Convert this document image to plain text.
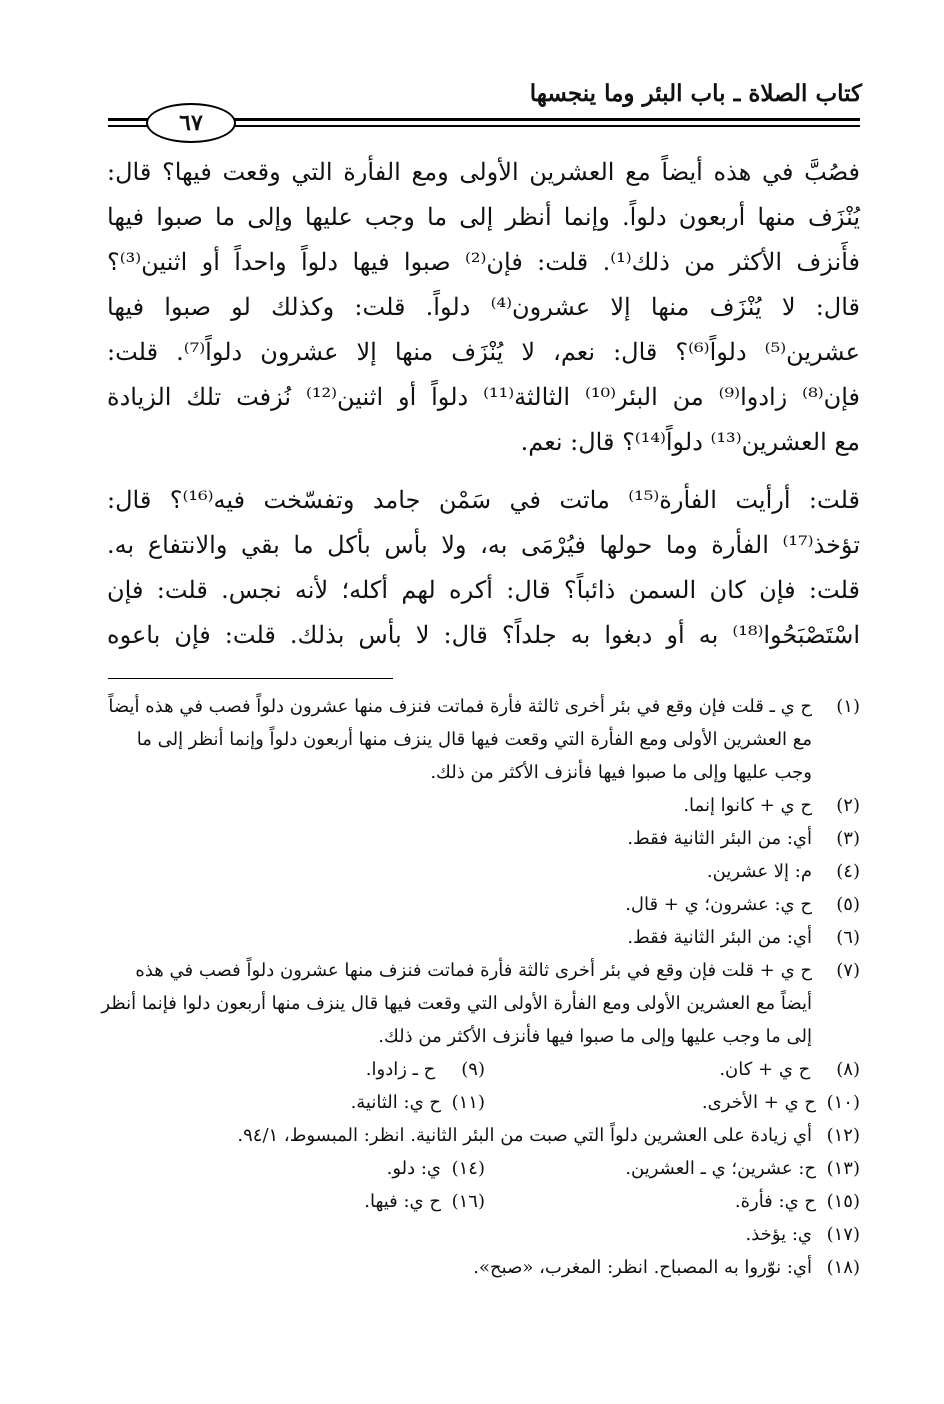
كتاب الصلاة ـ باب البئر وما ينجسها
٦٧
فصُبَّ في هذه أيضاً مع العشرين الأولى ومع الفأرة التي وقعت فيها؟ قال:
يُنْزَف منها أربعون دلواً. وإنما أنظر إلى ما وجب عليها وإلى ما صبوا فيها
فأَنزف الأكثر من ذلك⁽¹⁾. قلت: فإن⁽²⁾ صبوا فيها دلواً واحداً أو اثنين⁽³⁾؟
قال: لا يُنْزَف منها إلا عشرون⁽⁴⁾ دلواً. قلت: وكذلك لو صبوا فيها
عشرين⁽⁵⁾ دلواً⁽⁶⁾؟ قال: نعم، لا يُنْزَف منها إلا عشرون دلواً⁽⁷⁾. قلت:
فإن⁽⁸⁾ زادوا⁽⁹⁾ من البئر⁽¹⁰⁾ الثالثة⁽¹¹⁾ دلواً أو اثنين⁽¹²⁾ نُزفت تلك الزيادة
مع العشرين⁽¹³⁾ دلواً⁽¹⁴⁾؟ قال: نعم.
قلت: أرأيت الفأرة⁽¹⁵⁾ ماتت في سَمْن جامد وتفسّخت فيه⁽¹⁶⁾؟ قال:
تؤخذ⁽¹⁷⁾ الفأرة وما حولها فيُرْمَى به، ولا بأس بأكل ما بقي والانتفاع به.
قلت: فإن كان السمن ذائباً؟ قال: أكره لهم أكله؛ لأنه نجس. قلت: فإن
اسْتَصْبَحُوا⁽¹⁸⁾ به أو دبغوا به جلداً؟ قال: لا بأس بذلك. قلت: فإن باعوه
(١)
ح ي ـ قلت فإن وقع في بئر أخرى ثالثة فأرة فماتت فنزف منها عشرون دلواً فصب في هذه أيضاً مع العشرين الأولى ومع الفأرة التي وقعت فيها قال ينزف منها أربعون دلواً وإنما أنظر إلى ما وجب عليها وإلى ما صبوا فيها فأنزف الأكثر من ذلك.
(٢)
ح ي + كانوا إنما.
(٣)
أي: من البئر الثانية فقط.
(٤)
م: إلا عشرين.
(٥)
ح ي: عشرون؛ ي + قال.
(٦)
أي: من البئر الثانية فقط.
(٧)
ح ي + قلت فإن وقع في بئر أخرى ثالثة فأرة فماتت فنزف منها عشرون دلواً فصب في هذه أيضاً مع العشرين الأولى ومع الفأرة الأولى التي وقعت فيها قال ينزف منها أربعون دلوا فإنما أنظر إلى ما وجب عليها وإلى ما صبوا فيها فأنزف الأكثر من ذلك.
(٨) ح ي + كان.
(٩) ح ـ زادوا.
(١٠)ح ي + الأخرى.
(١١)ح ي: الثانية.
(١٢)
أي زيادة على العشرين دلواً التي صبت من البئر الثانية. انظر: المبسوط، ٩٤/١.
(١٣)ح: عشرين؛ ي ـ العشرين.
(١٤)ي: دلو.
(١٥)ح ي: فأرة.
(١٦)ح ي: فيها.
(١٧)
ي: يؤخذ.
(١٨)
أي: نوّروا به المصباح. انظر: المغرب، «صبح».
